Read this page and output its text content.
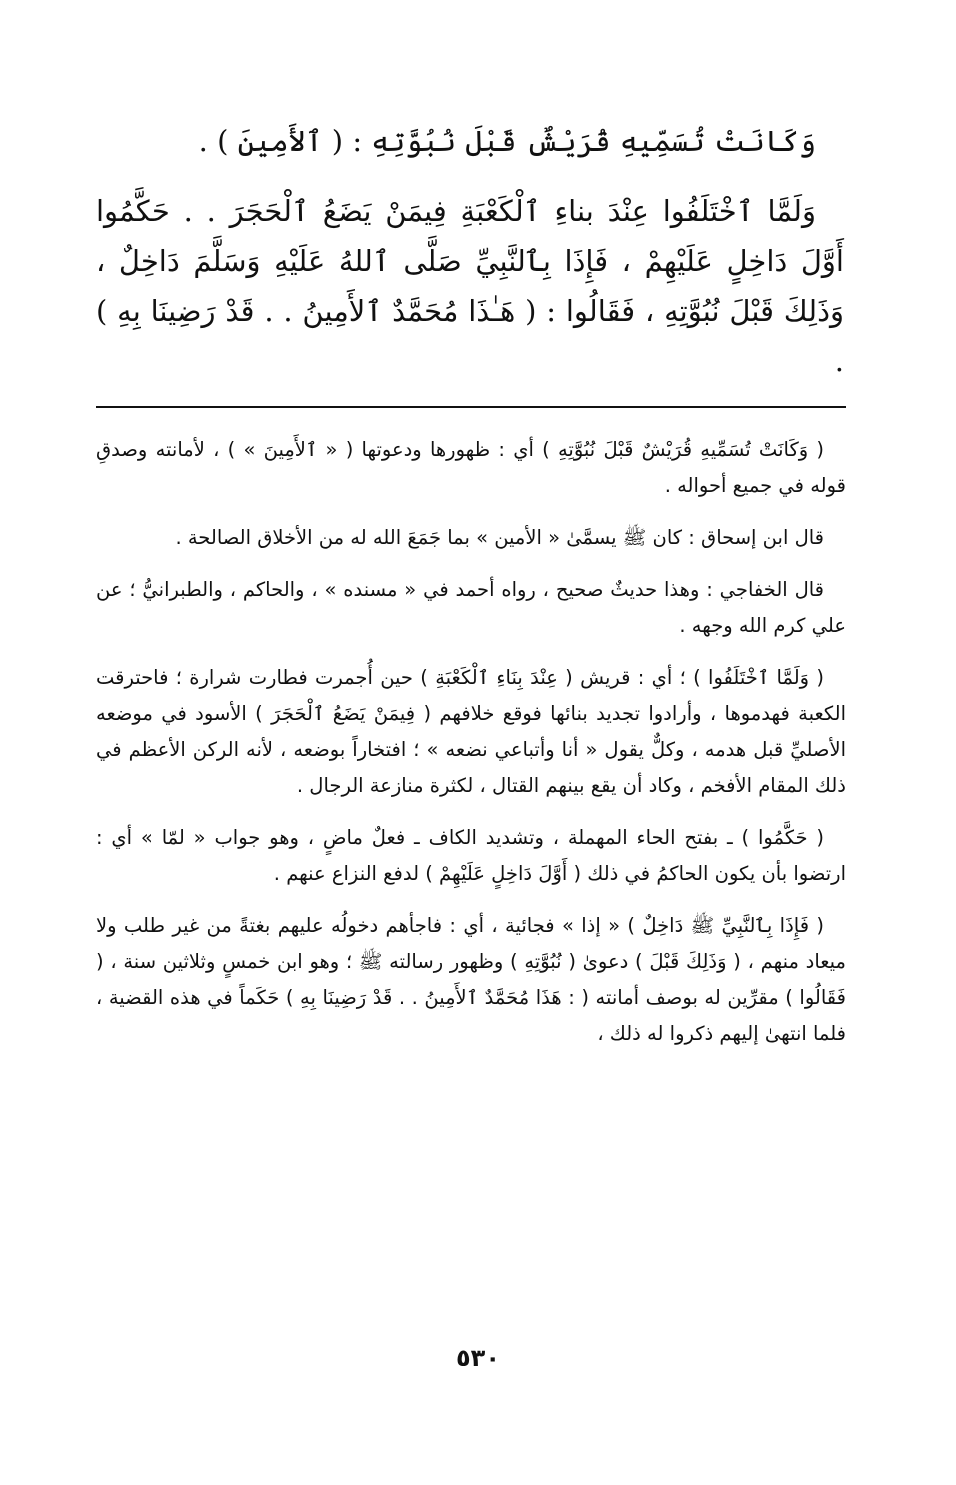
وَكَانَتْ تُسَمِّيهِ قُرَيْشٌ قَبْلَ نُبُوَّتِهِ : ( ٱلأَمِينَ ) .

وَلَمَّا ٱخْتَلَفُوا عِنْدَ بناءِ ٱلْكَعْبَةِ فِيمَنْ يَضَعُ ٱلْحَجَرَ . . حَكَّمُوا أَوَّلَ دَاخِلٍ عَلَيْهِمْ ، فَإِذَا بِٱلنَّبِيِّ صَلَّى ٱللهُ عَلَيْهِ وَسَلَّمَ دَاخِلٌ ، وَذَلِكَ قَبْلَ نُبُوَّتِهِ ، فَقَالُوا : ( هَـٰذَا مُحَمَّدٌ ٱلأَمِينُ . . قَدْ رَضِينَا بِهِ ) .

( وَكَانَتْ تُسَمِّيهِ قُرَيْشٌ قَبْلَ نُبُوَّتِهِ ) أي : ظهورها ودعوتها ( « ٱلأَمِينَ » ) ، لأمانته وصدقِ قوله في جميع أحواله .

قال ابن إسحاق : كان ﷺ يسمَّىٰ « الأمين » بما جَمَعَ الله له من الأخلاق الصالحة .

قال الخفاجي : وهذا حديثٌ صحيح ، رواه أحمد في « مسنده » ، والحاكم ، والطبرانيُّ ؛ عن علي كرم الله وجهه .

( وَلَمَّا ٱخْتَلَفُوا ) ؛ أي : قريش ( عِنْدَ بِنَاءِ ٱلْكَعْبَةِ ) حين أُجمرت فطارت شرارة ؛ فاحترقت الكعبة فهدموها ، وأرادوا تجديد بنائها فوقع خلافهم ( فِيمَنْ يَضَعُ ٱلْحَجَرَ ) الأسود في موضعه الأصليِّ قبل هدمه ، وكلٌّ يقول « أنا وأتباعي نضعه » ؛ افتخاراً بوضعه ، لأنه الركن الأعظم في ذلك المقام الأفخم ، وكاد أن يقع بينهم القتال ، لكثرة منازعة الرجال .

( حَكَّمُوا ) ـ بفتح الحاء المهملة ، وتشديد الكاف ـ فعلٌ ماضٍ ، وهو جواب « لمّا » أي : ارتضوا بأن يكون الحاكمُ في ذلك ( أَوَّلَ دَاخِلٍ عَلَيْهِمْ ) لدفع النزاع عنهم .

( فَإِذَا بِٱلنَّبِيِّ ﷺ دَاخِلٌ ) « إذا » فجائية ، أي : فاجأهم دخولُه عليهم بغتةً من غير طلب ولا ميعاد منهم ، ( وَذَلِكَ قَبْلَ ) دعوىٰ ( نُبُوَّتِهِ ) وظهور رسالته ﷺ ؛ وهو ابن خمسٍ وثلاثين سنة ، ( فَقَالُوا ) مقرِّين له بوصف أمانته ( : هَذَا مُحَمَّدٌ ٱلأَمِينُ . . قَدْ رَضِينَا بِهِ ) حَكَماً في هذه القضية ، فلما انتهىٰ إليهم ذكروا له ذلك ،

٥٣٠
